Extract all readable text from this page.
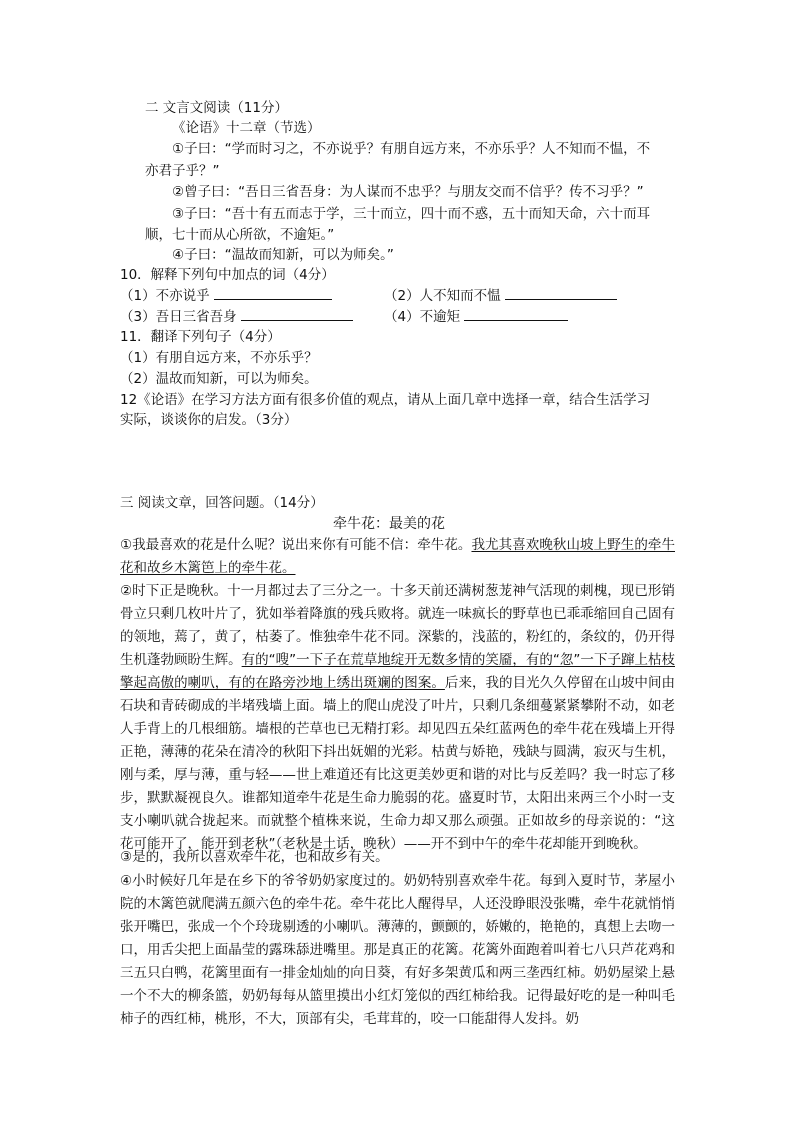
二 文言文阅读（11分）
《论语》十二章（节选）
①子曰：“学而时习之，不亦说乎？有朋自远方来，不亦乐乎？人不知而不愠，不
亦君子乎？”
②曾子曰：“吾日三省吾身：为人谋而不忠乎？与朋友交而不信乎？传不习乎？”
③子曰：“吾十有五而志于学，三十而立，四十而不惑，五十而知天命，六十而耳
顺，七十而从心所欲，不逾矩。”
④子曰：“温故而知新，可以为师矣。”
10．解释下列句中加点的词（4分）
（1）不亦说乎	（2）人不知而不愠
（3）吾日三省吾身	（4）不逾矩
11．翻译下列句子（4分）
（1）有朋自远方来，不亦乐乎？
（2）温故而知新，可以为师矣。
12《论语》在学习方法方面有很多价值的观点，请从上面几章中选择一章，结合生活学习
实际，谈谈你的启发。（3分）
三 阅读文章，回答问题。（14分）
牵牛花：最美的花
①我最喜欢的花是什么呢？说出来你有可能不信：牵牛花。我尤其喜欢晚秋山坡上野生的牵牛花和故乡木篱笆上的牵牛花。
②时下正是晚秋。十一月都过去了三分之一。十多天前还满树葱茏神气活现的刺槐，现已形销骨立只剩几枚叶片了，犹如举着降旗的残兵败将。就连一味疯长的野草也已乖乖缩回自己固有的领地，蔫了，黄了，枯萎了。惟独牵牛花不同。深紫的，浅蓝的，粉红的，条纹的，仍开得生机蓬勃顾盼生辉。有的“嗖”一下子在荒草地绽开无数多情的笑靥，有的“忽”一下子蹿上枯枝擎起高傲的喇叭，有的在路旁沙地上绣出斑斓的图案。后来，我的目光久久停留在山坡中间由石块和青砖砌成的半堵残墙上面。墙上的爬山虎没了叶片，只剩几条细蔓紧紧攀附不动，如老人手背上的几根细筋。墙根的芒草也已无精打彩。却见四五朵红蓝两色的牵牛花在残墙上开得正艳，薄薄的花朵在清冷的秋阳下抖出妩媚的光彩。枯黄与娇艳，残缺与圆满，寂灭与生机，刚与柔，厚与薄，重与轻——世上难道还有比这更美妙更和谐的对比与反差吗？我一时忘了移步，默默凝视良久。谁都知道牵牛花是生命力脆弱的花。盛夏时节，太阳出来两三个小时一支支小喇叭就合拢起来。而就整个植株来说，生命力却又那么顽强。正如故乡的母亲说的：“这花可能开了，能开到老秋”（老秋是土话，晚秋）——开不到中午的牵牛花却能开到晚秋。
③是的，我所以喜欢牵牛花，也和故乡有关。
④小时候好几年是在乡下的爷爷奶奶家度过的。奶奶特别喜欢牵牛花。每到入夏时节，茅屋小院的木篱笆就爬满五颜六色的牵牛花。牵牛花比人醒得早，人还没睁眼没张嘴，牵牛花就悄悄张开嘴巴，张成一个个玲珑剔透的小喇叭。薄薄的，颤颤的，娇嫩的，艳艳的，真想上去吻一口，用舌尖把上面晶莹的露珠舔进嘴里。那是真正的花篱。花篱外面跑着叫着七八只芦花鸡和三五只白鸭，花篱里面有一排金灿灿的向日葵，有好多架黄瓜和两三垄西红柿。奶奶屋梁上悬一个不大的柳条篮，奶奶每每从篮里摸出小红灯笼似的西红柿给我。记得最好吃的是一种叫毛柿子的西红柿，桃形，不大，顶部有尖，毛茸茸的，咬一口能甜得人发抖。奶
